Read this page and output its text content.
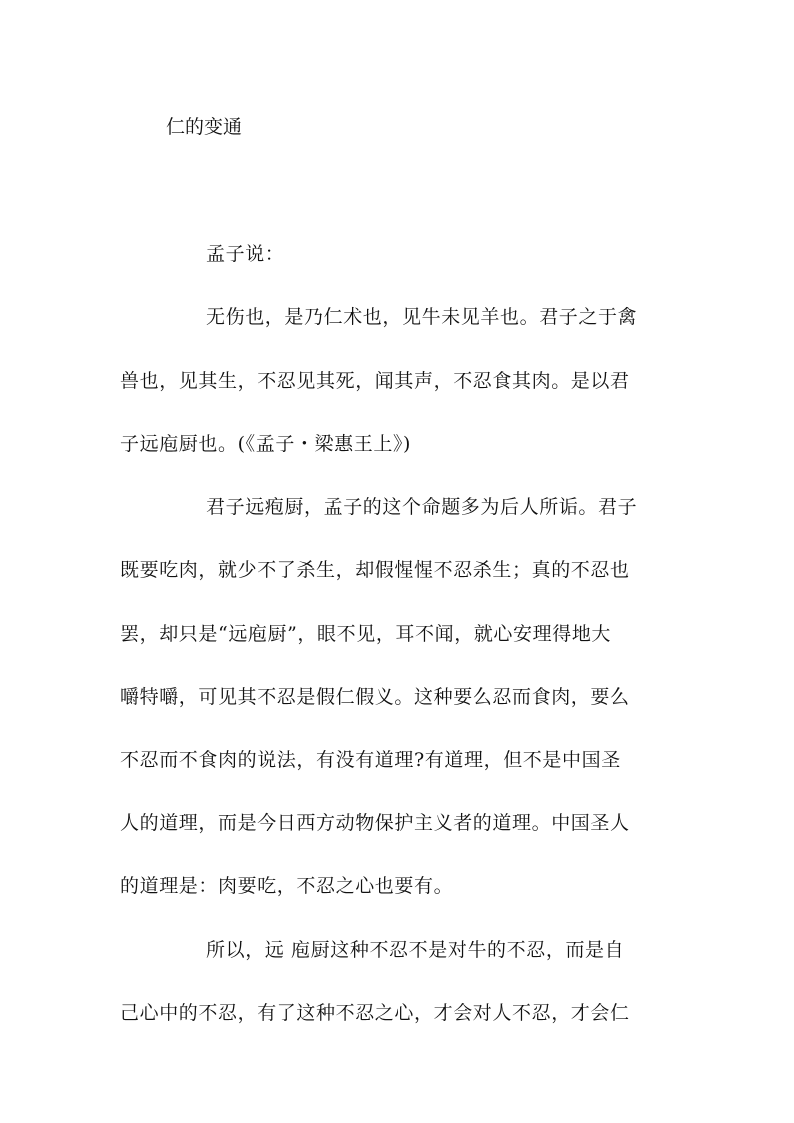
仁的变通

孟子说：

无伤也，是乃仁术也，见牛未见羊也。君子之于禽

兽也，见其生，不忍见其死，闻其声，不忍食其肉。是以君

子远庖厨也。(《孟子・梁惠王上》)

君子远疱厨，孟子的这个命题多为后人所诟。君子

既要吃肉，就少不了杀生，却假惺惺不忍杀生；真的不忍也

罢，却只是“远庖厨”，眼不见，耳不闻，就心安理得地大

嚼特嚼，可见其不忍是假仁假义。这种要么忍而食肉，要么

不忍而不食肉的说法，有没有道理?有道理，但不是中国圣

人的道理，而是今日西方动物保护主义者的道理。中国圣人

的道理是：肉要吃，不忍之心也要有。

所以，远 庖厨这种不忍不是对牛的不忍，而是自

己心中的不忍，有了这种不忍之心，才会对人不忍，才会仁
